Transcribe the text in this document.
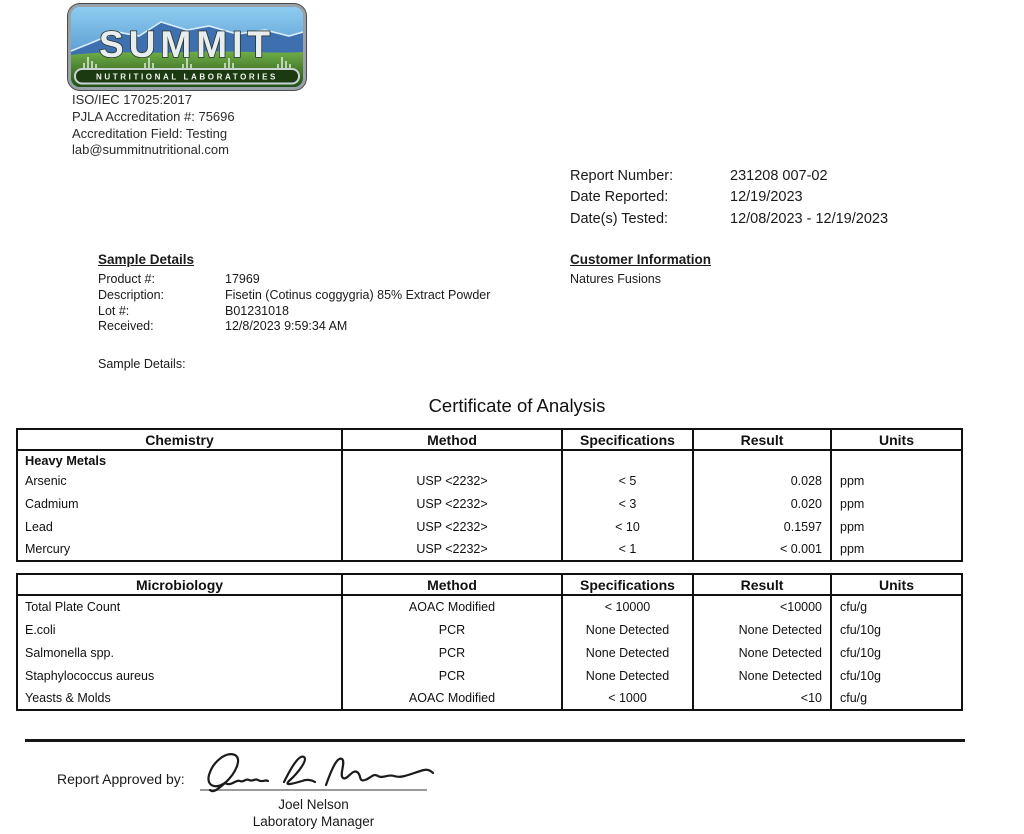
SUMMIT
NUTRITIONAL LABORATORIES
ISO/IEC 17025:2017
PJLA Accreditation #: 75696
Accreditation Field: Testing
lab@summitnutritional.com
Report Number:	231208 007-02
Date Reported:	12/19/2023
Date(s) Tested:	12/08/2023 - 12/19/2023
Sample Details
Product #:	17969
Description:	Fisetin (Cotinus coggygria) 85% Extract Powder
Lot #:	B01231018
Received:	12/8/2023 9:59:34 AM
Sample Details:
Customer Information
Natures Fusions
Certificate of Analysis
Chemistry	Method	Specifications	Result	Units
Heavy Metals				
Arsenic	USP <2232>	< 5	0.028	ppm
Cadmium	USP <2232>	< 3	0.020	ppm
Lead	USP <2232>	< 10	0.1597	ppm
Mercury	USP <2232>	< 1	< 0.001	ppm
Microbiology	Method	Specifications	Result	Units
Total Plate Count	AOAC Modified	< 10000	<10000	cfu/g
E.coli	PCR	None Detected	None Detected	cfu/10g
Salmonella spp.	PCR	None Detected	None Detected	cfu/10g
Staphylococcus aureus	PCR	None Detected	None Detected	cfu/10g
Yeasts & Molds	AOAC Modified	< 1000	<10	cfu/g
Report Approved by:
Joel Nelson
Laboratory Manager
